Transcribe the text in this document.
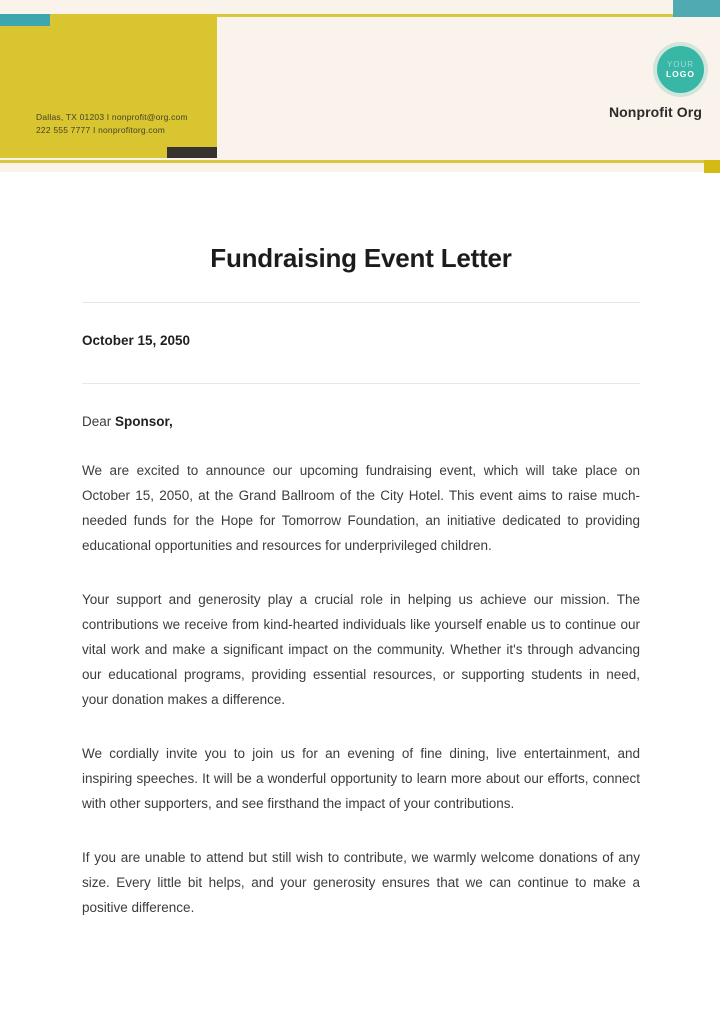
Dallas, TX 01203 I nonprofit@org.com
222 555 7777 I nonprofitorg.com
YOUR
LOGO
Nonprofit Org
Fundraising Event Letter
October 15, 2050

Dear Sponsor,

We are excited to announce our upcoming fundraising event, which will take place on October 15, 2050, at the Grand Ballroom of the City Hotel. This event aims to raise much-needed funds for the Hope for Tomorrow Foundation, an initiative dedicated to providing educational opportunities and resources for underprivileged children.

Your support and generosity play a crucial role in helping us achieve our mission. The contributions we receive from kind-hearted individuals like yourself enable us to continue our vital work and make a significant impact on the community. Whether it's through advancing our educational programs, providing essential resources, or supporting students in need, your donation makes a difference.

We cordially invite you to join us for an evening of fine dining, live entertainment, and inspiring speeches. It will be a wonderful opportunity to learn more about our efforts, connect with other supporters, and see firsthand the impact of your contributions.

If you are unable to attend but still wish to contribute, we warmly welcome donations of any size. Every little bit helps, and your generosity ensures that we can continue to make a positive difference.
